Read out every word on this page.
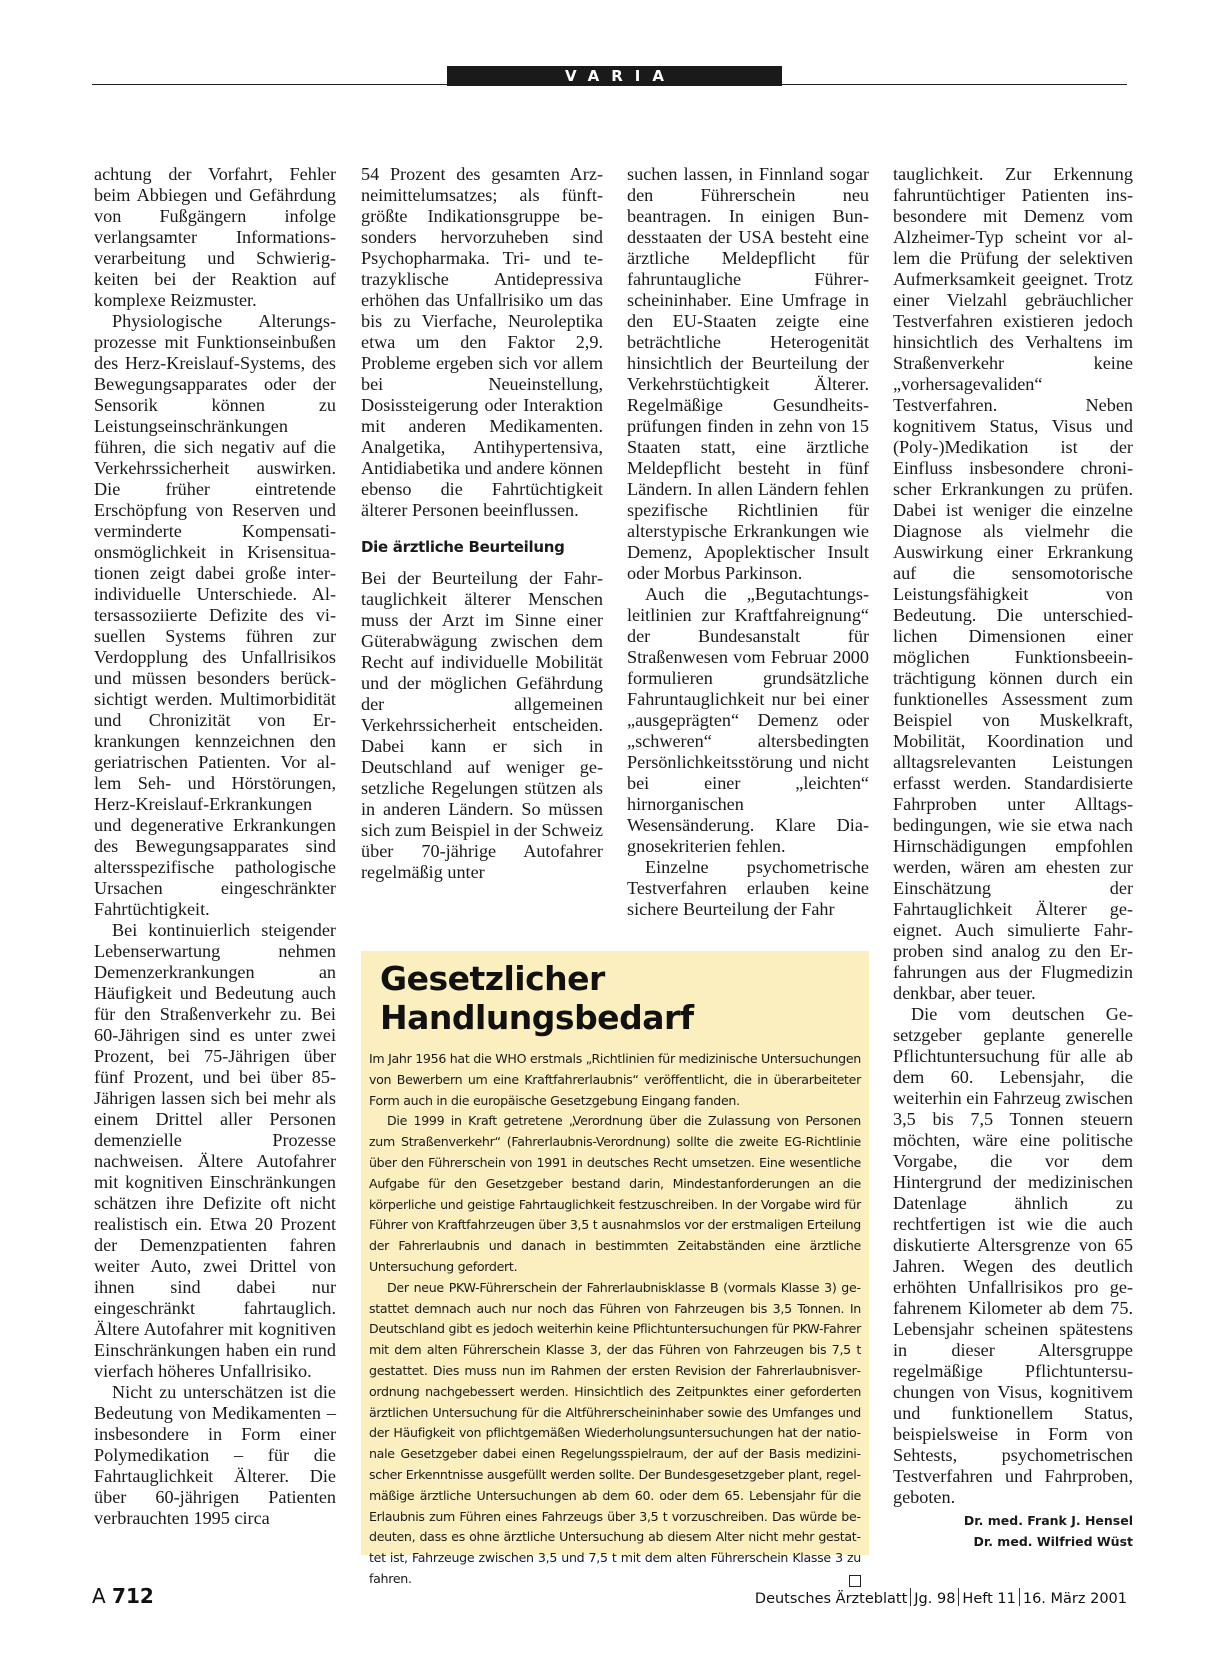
VARIA

achtung der Vorfahrt, Fehler beim Abbiegen und Gefährdung von Fußgängern infolge verlangsamter Informationsverarbeitung und Schwierigkeiten bei der Reaktion auf komplexe Reizmuster.

Physiologische Alterungsprozesse mit Funktionseinbußen des Herz-Kreislauf-Systems, des Bewegungsapparates oder der Sensorik können zu Leistungseinschränkungen führen, die sich negativ auf die Verkehrssicherheit auswirken. Die früher eintretende Erschöpfung von Reserven und verminderte Kompensationsmöglichkeit in Krisensituationen zeigt dabei große interindividuelle Unterschiede. Altersassoziierte Defizite des visuellen Systems führen zur Verdopplung des Unfallrisikos und müssen besonders berücksichtigt werden. Multimorbidität und Chronizität von Erkrankungen kennzeichnen den geriatrischen Patienten. Vor allem Seh- und Hörstörungen, Herz-Kreislauf-Erkrankungen und degenerative Erkrankungen des Bewegungsapparates sind altersspezifische pathologische Ursachen eingeschränkter Fahrtüchtigkeit.

Bei kontinuierlich steigender Lebenserwartung nehmen Demenzerkrankungen an Häufigkeit und Bedeutung auch für den Straßenverkehr zu. Bei 60-Jährigen sind es unter zwei Prozent, bei 75-Jährigen über fünf Prozent, und bei über 85-Jährigen lassen sich bei mehr als einem Drittel aller Personen demenzielle Prozesse nachweisen. Ältere Autofahrer mit kognitiven Einschränkungen schätzen ihre Defizite oft nicht realistisch ein. Etwa 20 Prozent der Demenzpatienten fahren weiter Auto, zwei Drittel von ihnen sind dabei nur eingeschränkt fahrtauglich. Ältere Autofahrer mit kognitiven Einschränkungen haben ein rund vierfach höheres Unfallrisiko.

Nicht zu unterschätzen ist die Bedeutung von Medikamenten – insbesondere in Form einer Polymedikation – für die Fahrtauglichkeit Älterer. Die über 60-jährigen Patienten verbrauchten 1995 circa

54 Prozent des gesamten Arzneimittelumsatzes; als fünftgrößte Indikationsgruppe besonders hervorzuheben sind Psychopharmaka. Tri- und tetrazyklische Antidepressiva erhöhen das Unfallrisiko um das bis zu Vierfache, Neuroleptika etwa um den Faktor 2,9. Probleme ergeben sich vor allem bei Neueinstellung, Dosissteigerung oder Interaktion mit anderen Medikamenten. Analgetika, Antihypertensiva, Antidiabetika und andere können ebenso die Fahrtüchtigkeit älterer Personen beeinflussen.

Die ärztliche Beurteilung

Bei der Beurteilung der Fahrtauglichkeit älterer Menschen muss der Arzt im Sinne einer Güterabwägung zwischen dem Recht auf individuelle Mobilität und der möglichen Gefährdung der allgemeinen Verkehrssicherheit entscheiden. Dabei kann er sich in Deutschland auf weniger gesetzliche Regelungen stützen als in anderen Ländern. So müssen sich zum Beispiel in der Schweiz über 70-jährige Autofahrer regelmäßig unter

suchen lassen, in Finnland sogar den Führerschein neu beantragen. In einigen Bundesstaaten der USA besteht eine ärztliche Meldepflicht für fahruntaugliche Führerscheininhaber. Eine Umfrage in den EU-Staaten zeigte eine beträchtliche Heterogenität hinsichtlich der Beurteilung der Verkehrstüchtigkeit Älterer. Regelmäßige Gesundheitsprüfungen finden in zehn von 15 Staaten statt, eine ärztliche Meldepflicht besteht in fünf Ländern. In allen Ländern fehlen spezifische Richtlinien für alterstypische Erkrankungen wie Demenz, Apoplektischer Insult oder Morbus Parkinson.

Auch die „Begutachtungsleitlinien zur Kraftfahreignung“ der Bundesanstalt für Straßenwesen vom Februar 2000 formulieren grundsätzliche Fahruntauglichkeit nur bei einer „ausgeprägten“ Demenz oder „schweren“ altersbedingten Persönlichkeitsstörung und nicht bei einer „leichten“ hirnorganischen Wesensänderung. Klare Diagnosekriterien fehlen.

Einzelne psychometrische Testverfahren erlauben keine sichere Beurteilung der Fahr

tauglichkeit. Zur Erkennung fahruntüchtiger Patienten insbesondere mit Demenz vom Alzheimer-Typ scheint vor allem die Prüfung der selektiven Aufmerksamkeit geeignet. Trotz einer Vielzahl gebräuchlicher Testverfahren existieren jedoch hinsichtlich des Verhaltens im Straßenverkehr keine „vorhersagevaliden“ Testverfahren. Neben kognitivem Status, Visus und (Poly-)Medikation ist der Einfluss insbesondere chronischer Erkrankungen zu prüfen. Dabei ist weniger die einzelne Diagnose als vielmehr die Auswirkung einer Erkrankung auf die sensomotorische Leistungsfähigkeit von Bedeutung. Die unterschiedlichen Dimensionen einer möglichen Funktionsbeeinträchtigung können durch ein funktionelles Assessment zum Beispiel von Muskelkraft, Mobilität, Koordination und alltagsrelevanten Leistungen erfasst werden. Standardisierte Fahrproben unter Alltagsbedingungen, wie sie etwa nach Hirnschädigungen empfohlen werden, wären am ehesten zur Einschätzung der Fahrtauglichkeit Älterer geeignet. Auch simulierte Fahrproben sind analog zu den Erfahrungen aus der Flugmedizin denkbar, aber teuer.

Die vom deutschen Gesetzgeber geplante generelle Pflichtuntersuchung für alle ab dem 60. Lebensjahr, die weiterhin ein Fahrzeug zwischen 3,5 bis 7,5 Tonnen steuern möchten, wäre eine politische Vorgabe, die vor dem Hintergrund der medizinischen Datenlage ähnlich zu rechtfertigen ist wie die auch diskutierte Altersgrenze von 65 Jahren. Wegen des deutlich erhöhten Unfallrisikos pro gefahrenem Kilometer ab dem 75. Lebensjahr scheinen spätestens in dieser Altersgruppe regelmäßige Pflichtuntersuchungen von Visus, kognitivem und funktionellem Status, beispielsweise in Form von Sehtests, psychometrischen Testverfahren und Fahrproben, geboten.

Dr. med. Frank J. Hensel
Dr. med. Wilfried Wüst
Gesetzlicher Handlungsbedarf

Im Jahr 1956 hat die WHO erstmals „Richtlinien für medizinische Untersuchungen von Bewerbern um eine Kraftfahrerlaubnis“ veröffentlicht, die in überarbeiteter Form auch in die europäische Gesetzgebung Eingang fanden.

Die 1999 in Kraft getretene „Verordnung über die Zulassung von Personen zum Straßenverkehr“ (Fahrerlaubnis-Verordnung) sollte die zweite EG-Richtlinie über den Führerschein von 1991 in deutsches Recht umsetzen. Eine wesentliche Aufgabe für den Gesetzgeber bestand darin, Mindestanforderungen an die körperliche und geistige Fahrtauglichkeit festzuschreiben. In der Vorgabe wird für Führer von Kraftfahrzeugen über 3,5 t ausnahmslos vor der erstmaligen Erteilung der Fahrerlaubnis und danach in bestimmten Zeitabständen eine ärztliche Untersuchung gefordert.

Der neue PKW-Führerschein der Fahrerlaubnisklasse B (vormals Klasse 3) gestattet demnach auch nur noch das Führen von Fahrzeugen bis 3,5 Tonnen. In Deutschland gibt es jedoch weiterhin keine Pflichtuntersuchungen für PKW-Fahrer mit dem alten Führerschein Klasse 3, der das Führen von Fahrzeugen bis 7,5 t gestattet. Dies muss nun im Rahmen der ersten Revision der Fahrerlaubnisverordnung nachgebessert werden. Hinsichtlich des Zeitpunktes einer geforderten ärztlichen Untersuchung für die Altführerscheininhaber sowie des Umfanges und der Häufigkeit von pflichtgemäßen Wiederholungsuntersuchungen hat der nationale Gesetzgeber dabei einen Regelungsspielraum, der auf der Basis medizinischer Erkenntnisse ausgefüllt werden sollte. Der Bundesgesetzgeber plant, regelmäßige ärztliche Untersuchungen ab dem 60. oder dem 65. Lebensjahr für die Erlaubnis zum Führen eines Fahrzeugs über 3,5 t vorzuschreiben. Das würde bedeuten, dass es ohne ärztliche Untersuchung ab diesem Alter nicht mehr gestattet ist, Fahrzeuge zwischen 3,5 und 7,5 t mit dem alten Führerschein Klasse 3 zu fahren.

A 712	Deutsches Ärzteblatt Jg. 98 Heft 11 16. März 2001
